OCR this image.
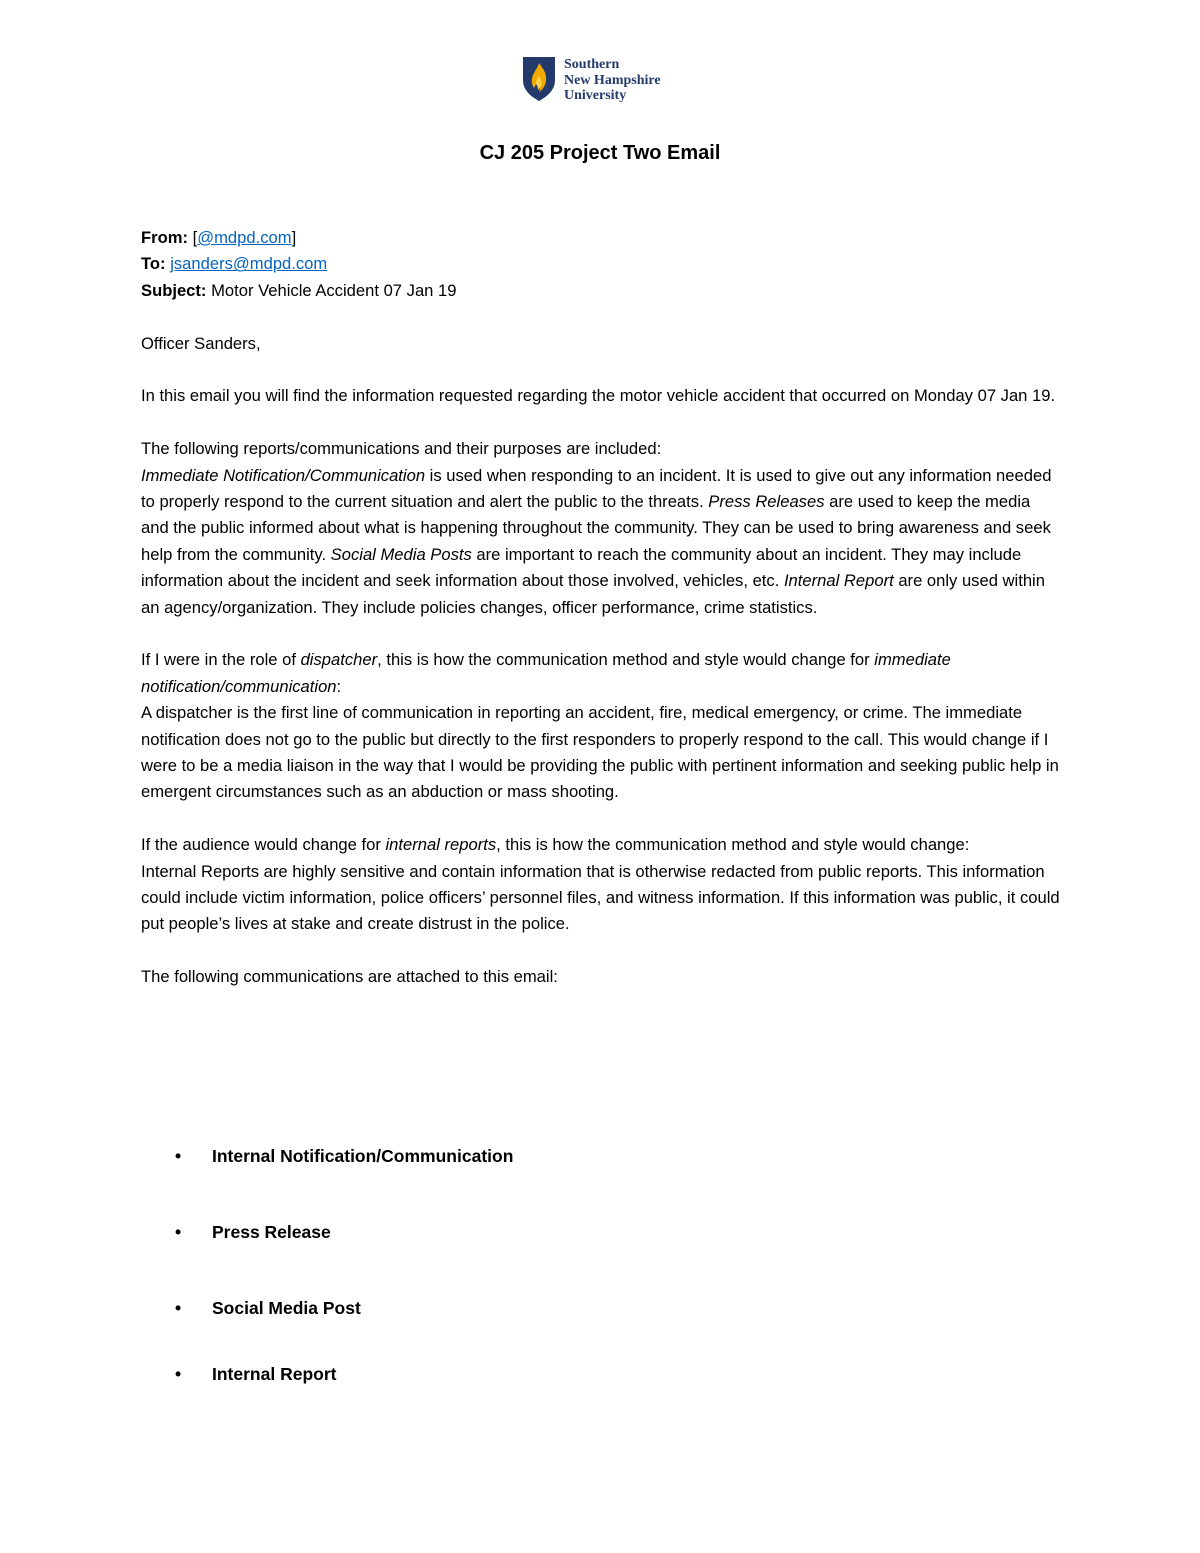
Southern
New Hampshire
University
CJ 205 Project Two Email
From: [@mdpd.com]
To: jsanders@mdpd.com
Subject: Motor Vehicle Accident 07 Jan 19

Officer Sanders,

In this email you will find the information requested regarding the motor vehicle accident that occurred on Monday 07 Jan 19.

The following reports/communications and their purposes are included:

Immediate Notification/Communication is used when responding to an incident. It is used to give out any information needed to properly respond to the current situation and alert the public to the threats. Press Releases are used to keep the media and the public informed about what is happening throughout the community. They can be used to bring awareness and seek help from the community. Social Media Posts are important to reach the community about an incident. They may include information about the incident and seek information about those involved, vehicles, etc. Internal Report are only used within an agency/organization. They include policies changes, officer performance, crime statistics.

If I were in the role of dispatcher, this is how the communication method and style would change for immediate notification/communication:

A dispatcher is the first line of communication in reporting an accident, fire, medical emergency, or crime. The immediate notification does not go to the public but directly to the first responders to properly respond to the call. This would change if I were to be a media liaison in the way that I would be providing the public with pertinent information and seeking public help in emergent circumstances such as an abduction or mass shooting.

If the audience would change for internal reports, this is how the communication method and style would change:

Internal Reports are highly sensitive and contain information that is otherwise redacted from public reports. This information could include victim information, police officers’ personnel files, and witness information. If this information was public, it could put people’s lives at stake and create distrust in the police.

The following communications are attached to this email:

• Internal Notification/Communication
• Press Release
• Social Media Post
• Internal Report
